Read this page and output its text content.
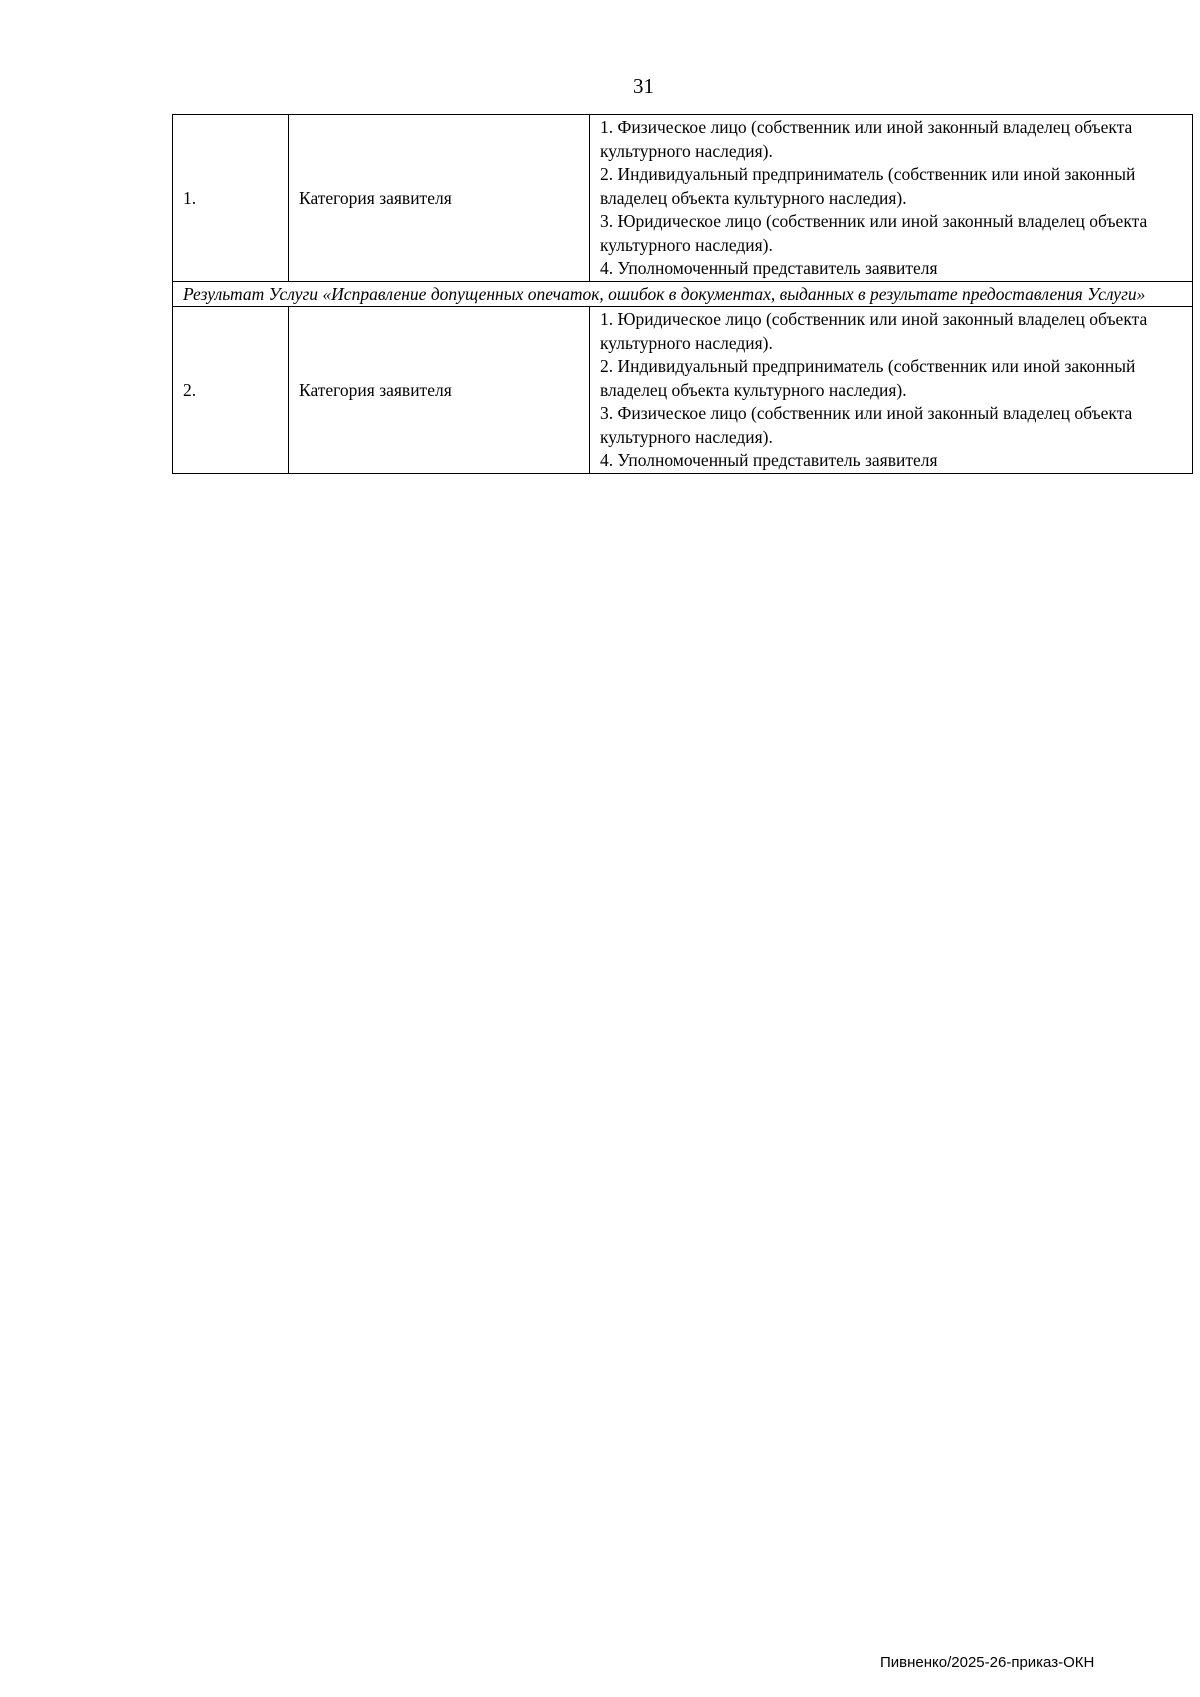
31
1.	Категория заявителя	1. Физическое лицо (собственник или иной законный владелец объекта культурного наследия).
2. Индивидуальный предприниматель (собственник или иной законный владелец объекта культурного наследия).
3. Юридическое лицо (собственник или иной законный владелец объекта культурного наследия).
4. Уполномоченный представитель заявителя

Результат Услуги «Исправление допущенных опечаток, ошибок в документах, выданных в результате предоставления Услуги»		
2.	Категория заявителя	1. Юридическое лицо (собственник или иной законный владелец объекта культурного наследия).
2. Индивидуальный предприниматель (собственник или иной законный владелец объекта культурного наследия).
3. Физическое лицо (собственник или иной законный владелец объекта культурного наследия).
4. Уполномоченный представитель заявителя
Пивненко/2025-26-приказ-ОКН
